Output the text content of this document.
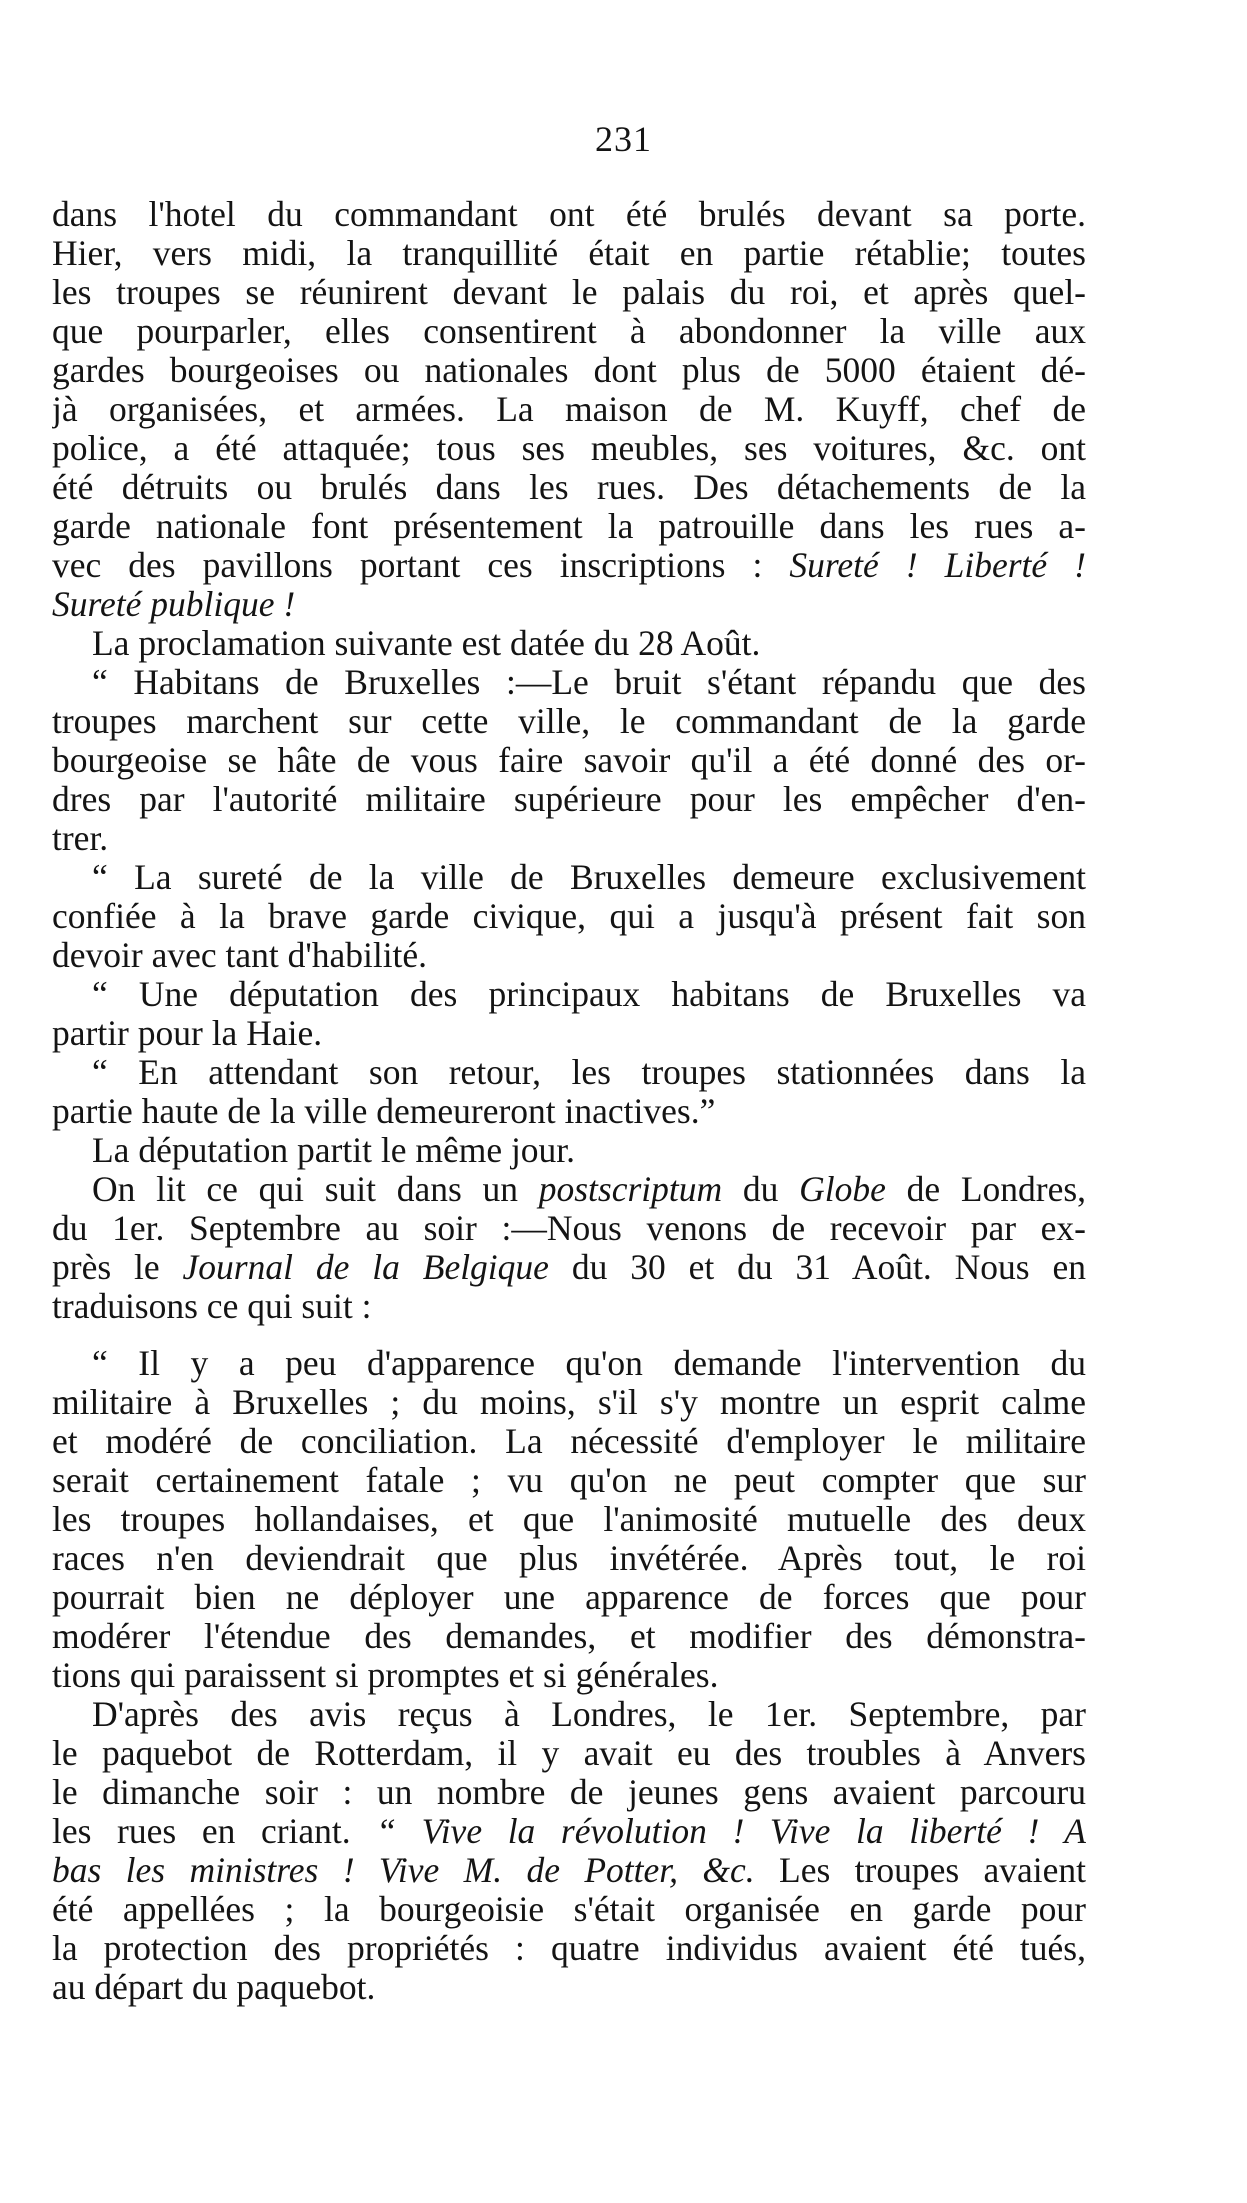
231
dans l'hotel du commandant ont été brulés devant sa porte.
Hier, vers midi, la tranquillité était en partie rétablie; toutes
les troupes se réunirent devant le palais du roi, et après quel-
que pourparler, elles consentirent à abondonner la ville aux
gardes bourgeoises ou nationales dont plus de 5000 étaient dé-
jà organisées, et armées. La maison de M. Kuyff, chef de
police, a été attaquée; tous ses meubles, ses voitures, &c. ont
été détruits ou brulés dans les rues. Des détachements de la
garde nationale font présentement la patrouille dans les rues a-
vec des pavillons portant ces inscriptions : Sureté ! Liberté !
Sureté publique !
La proclamation suivante est datée du 28 Août.
“ Habitans de Bruxelles :—Le bruit s'étant répandu que des
troupes marchent sur cette ville, le commandant de la garde
bourgeoise se hâte de vous faire savoir qu'il a été donné des or-
dres par l'autorité militaire supérieure pour les empêcher d'en-
trer.
“ La sureté de la ville de Bruxelles demeure exclusivement
confiée à la brave garde civique, qui a jusqu'à présent fait son
devoir avec tant d'habilité.
“ Une députation des principaux habitans de Bruxelles va
partir pour la Haie.
“ En attendant son retour, les troupes stationnées dans la
partie haute de la ville demeureront inactives.”
La députation partit le même jour.
On lit ce qui suit dans un postscriptum du Globe de Londres,
du 1er. Septembre au soir :—Nous venons de recevoir par ex-
près le Journal de la Belgique du 30 et du 31 Août. Nous en
traduisons ce qui suit :
“ Il y a peu d'apparence qu'on demande l'intervention du
militaire à Bruxelles ; du moins, s'il s'y montre un esprit calme
et modéré de conciliation. La nécessité d'employer le militaire
serait certainement fatale ; vu qu'on ne peut compter que sur
les troupes hollandaises, et que l'animosité mutuelle des deux
races n'en deviendrait que plus invétérée. Après tout, le roi
pourrait bien ne déployer une apparence de forces que pour
modérer l'étendue des demandes, et modifier des démonstra-
tions qui paraissent si promptes et si générales.
D'après des avis reçus à Londres, le 1er. Septembre, par
le paquebot de Rotterdam, il y avait eu des troubles à Anvers
le dimanche soir : un nombre de jeunes gens avaient parcouru
les rues en criant. “ Vive la révolution ! Vive la liberté ! A
bas les ministres ! Vive M. de Potter, &c. Les troupes avaient
été appellées ; la bourgeoisie s'était organisée en garde pour
la protection des propriétés : quatre individus avaient été tués,
au départ du paquebot.
